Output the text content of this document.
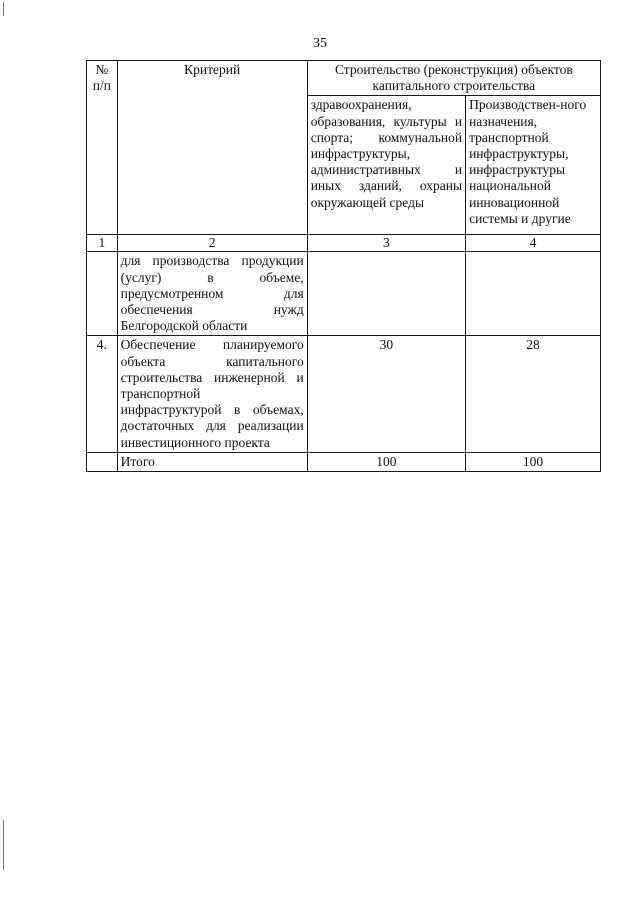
35
№ п/п	Критерий	Строительство (реконструкция) объектов капитального строительства	
		здравоохранения, образования, культуры и спорта; коммунальной инфраструктуры, административных и иных зданий, охраны окружающей среды	Производствен-ного назначения, транспортной инфраструктуры, инфраструктуры национальной инновационной системы и другие
1	2	3	4
	для производства продукции (услуг) в объеме, предусмотренном для обеспечения нужд Белгородской области		
4.	Обеспечение планируемого объекта капитального строительства инженерной и транспортной инфраструктурой в объемах, достаточных для реализации инвестиционного проекта	30	28
	Итого	100	100
